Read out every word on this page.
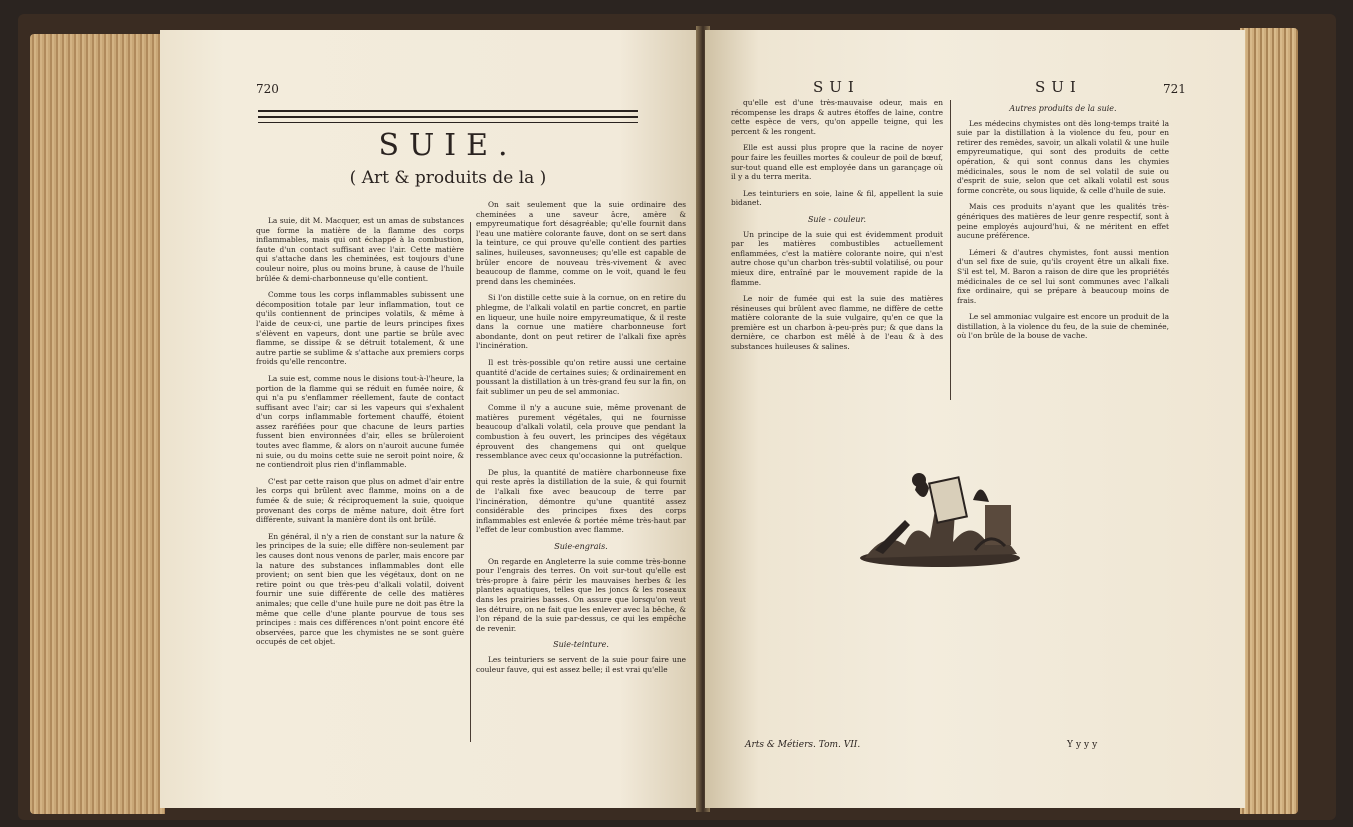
720
SUIE.
( Art & produits de la )

La suie, dit M. Macquer, est un amas de substances que forme la matière de la flamme des corps inflammables, mais qui ont échappé à la combustion, faute d'un contact suffisant avec l'air. Cette matière qui s'attache dans les cheminées, est toujours d'une couleur noire, plus ou moins brune, à cause de l'huile brûlée & demi-charbonneuse qu'elle contient.

Comme tous les corps inflammables subissent une décomposition totale par leur inflammation, tout ce qu'ils contiennent de principes volatils, & même à l'aide de ceux-ci, une partie de leurs principes fixes s'élèvent en vapeurs, dont une partie se brûle avec flamme, se dissipe & se détruit totalement, & une autre partie se sublime & s'attache aux premiers corps froids qu'elle rencontre.

La suie est, comme nous le disions tout-à-l'heure, la portion de la flamme qui se réduit en fumée noire, & qui n'a pu s'enflammer réellement, faute de contact suffisant avec l'air; car si les vapeurs qui s'exhalent d'un corps inflammable fortement chauffé, étoient assez raréfiées pour que chacune de leurs parties fussent bien environnées d'air, elles se brûleroient toutes avec flamme, & alors on n'auroit aucune fumée ni suie, ou du moins cette suie ne seroit point noire, & ne contiendroit plus rien d'inflammable.

C'est par cette raison que plus on admet d'air entre les corps qui brûlent avec flamme, moins on a de fumée & de suie; & réciproquement la suie, quoique provenant des corps de même nature, doit être fort différente, suivant la manière dont ils ont brûlé.

En général, il n'y a rien de constant sur la nature & les principes de la suie; elle diffère non-seulement par les causes dont nous venons de parler, mais encore par la nature des substances inflammables dont elle provient; on sent bien que les végétaux, dont on ne retire point ou que très-peu d'alkali volatil, doivent fournir une suie différente de celle des matières animales; que celle d'une huile pure ne doit pas être la même que celle d'une plante pourvue de tous ses principes : mais ces différences n'ont point encore été observées, parce que les chymistes ne se sont guère occupés de cet objet.

On sait seulement que la suie ordinaire des cheminées a une saveur âcre, amère & empyreumatique fort désagréable; qu'elle fournit dans l'eau une matière colorante fauve, dont on se sert dans la teinture, ce qui prouve qu'elle contient des parties salines, huileuses, savonneuses; qu'elle est capable de brûler encore de nouveau très-vivement & avec beaucoup de flamme, comme on le voit, quand le feu prend dans les cheminées.

Si l'on distille cette suie à la cornue, on en retire du phlegme, de l'alkali volatil en partie concret, en partie en liqueur, une huile noire empyreumatique, & il reste dans la cornue une matière charbonneuse fort abondante, dont on peut retirer de l'alkali fixe après l'incinération.

Il est très-possible qu'on retire aussi une certaine quantité d'acide de certaines suies; & ordinairement en poussant la distillation à un très-grand feu sur la fin, on fait sublimer un peu de sel ammoniac.

Comme il n'y a aucune suie, même provenant de matières purement végétales, qui ne fournisse beaucoup d'alkali volatil, cela prouve que pendant la combustion à feu ouvert, les principes des végétaux éprouvent des changemens qui ont quelque ressemblance avec ceux qu'occasionne la putréfaction.

De plus, la quantité de matière charbonneuse fixe qui reste après la distillation de la suie, & qui fournit de l'alkali fixe avec beaucoup de terre par l'incinération, démontre qu'une quantité assez considérable des principes fixes des corps inflammables est enlevée & portée même très-haut par l'effet de leur combustion avec flamme.

Suie-engrais.

On regarde en Angleterre la suie comme très-bonne pour l'engrais des terres. On voit sur-tout qu'elle est très-propre à faire périr les mauvaises herbes & les plantes aquatiques, telles que les joncs & les roseaux dans les prairies basses. On assure que lorsqu'on veut les détruire, on ne fait que les enlever avec la bêche, & l'on répand de la suie par-dessus, ce qui les empêche de revenir.

Suie-teinture.

Les teinturiers se servent de la suie pour faire une couleur fauve, qui est assez belle; il est vrai qu'elle

SUI	SUI	721

qu'elle est d'une très-mauvaise odeur, mais en récompense les draps & autres étoffes de laine, contre cette espèce de vers, qu'on appelle teigne, qui les percent & les rongent.

Elle est aussi plus propre que la racine de noyer pour faire les feuilles mortes & couleur de poil de bœuf, sur-tout quand elle est employée dans un garançage où il y a du terra merita.

Les teinturiers en soie, laine & fil, appellent la suie bidanet.

Suie - couleur.

Un principe de la suie qui est évidemment produit par les matières combustibles actuellement enflammées, c'est la matière colorante noire, qui n'est autre chose qu'un charbon très-subtil volatilisé, ou pour mieux dire, entraîné par le mouvement rapide de la flamme.

Le noir de fumée qui est la suie des matières résineuses qui brûlent avec flamme, ne diffère de cette matière colorante de la suie vulgaire, qu'en ce que la première est un charbon à-peu-près pur; & que dans la dernière, ce charbon est mêlé à de l'eau & à des substances huileuses & salines.

Autres produits de la suie.

Les médecins chymistes ont dès long-temps traité la suie par la distillation à la violence du feu, pour en retirer des remèdes, savoir, un alkali volatil & une huile empyreumatique, qui sont des produits de cette opération, & qui sont connus dans les chymies médicinales, sous le nom de sel volatil de suie ou d'esprit de suie, selon que cet alkali volatil est sous forme concrète, ou sous liquide, & celle d'huile de suie.

Mais ces produits n'ayant que les qualités très-génériques des matières de leur genre respectif, sont à peine employés aujourd'hui, & ne méritent en effet aucune préférence.

Lémeri & d'autres chymistes, font aussi mention d'un sel fixe de suie, qu'ils croyent être un alkali fixe. S'il est tel, M. Baron a raison de dire que les propriétés médicinales de ce sel lui sont communes avec l'alkali fixe ordinaire, qui se prépare à beaucoup moins de frais.

Le sel ammoniac vulgaire est encore un produit de la distillation, à la violence du feu, de la suie de cheminée, où l'on brûle de la bouse de vache.

Arts & Métiers. Tom. VII.	Yyyy
